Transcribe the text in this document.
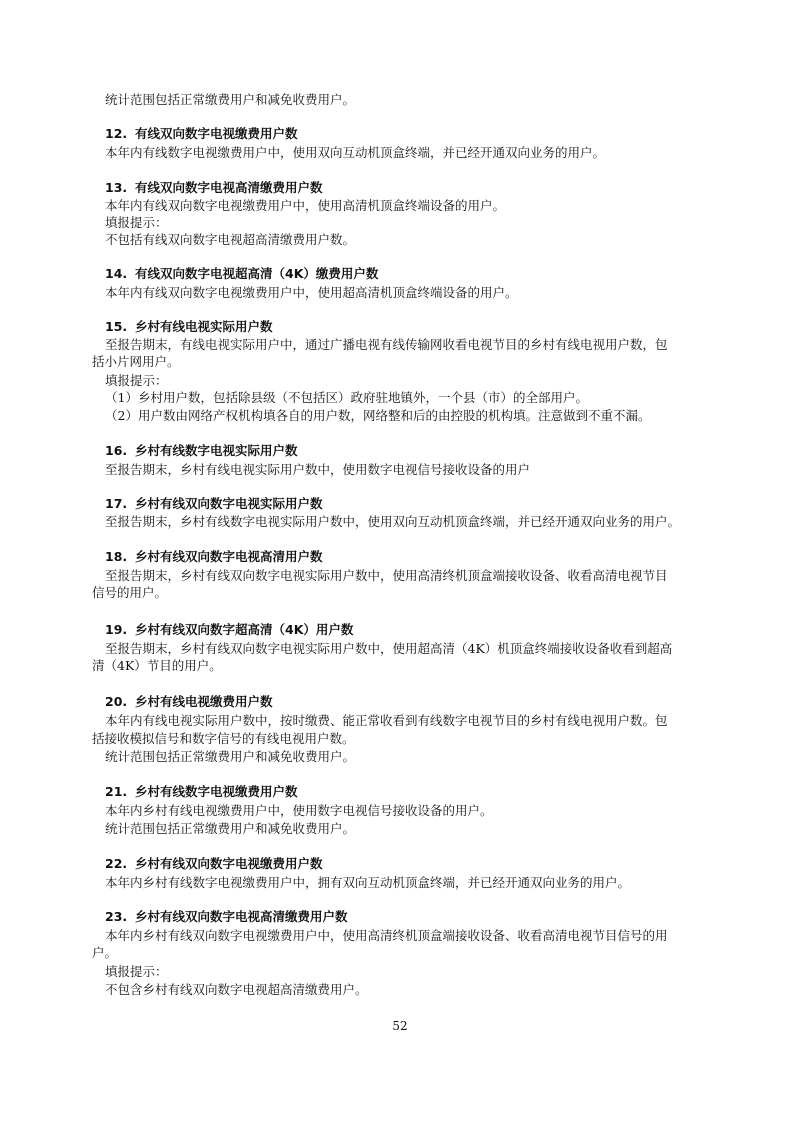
统计范围包括正常缴费用户和减免收费用户。
12. 有线双向数字电视缴费用户数
本年内有线数字电视缴费用户中，使用双向互动机顶盒终端，并已经开通双向业务的用户。
13. 有线双向数字电视高清缴费用户数
本年内有线双向数字电视缴费用户中，使用高清机顶盒终端设备的用户。
填报提示：
不包括有线双向数字电视超高清缴费用户数。
14. 有线双向数字电视超高清（4K）缴费用户数
本年内有线双向数字电视缴费用户中，使用超高清机顶盒终端设备的用户。
15. 乡村有线电视实际用户数
至报告期末，有线电视实际用户中，通过广播电视有线传输网收看电视节目的乡村有线电视用户数，包
括小片网用户。
填报提示：
（1）乡村用户数，包括除县级（不包括区）政府驻地镇外，一个县（市）的全部用户。
（2）用户数由网络产权机构填各自的用户数，网络整和后的由控股的机构填。注意做到不重不漏。
16. 乡村有线数字电视实际用户数
至报告期末，乡村有线电视实际用户数中，使用数字电视信号接收设备的用户
17. 乡村有线双向数字电视实际用户数
至报告期末，乡村有线数字电视实际用户数中，使用双向互动机顶盒终端，并已经开通双向业务的用户。
18. 乡村有线双向数字电视高清用户数
至报告期末，乡村有线双向数字电视实际用户数中，使用高清终机顶盒端接收设备、收看高清电视节目
信号的用户。
19. 乡村有线双向数字超高清（4K）用户数
至报告期末，乡村有线双向数字电视实际用户数中，使用超高清（4K）机顶盒终端接收设备收看到超高
清（4K）节目的用户。
20. 乡村有线电视缴费用户数
本年内有线电视实际用户数中，按时缴费、能正常收看到有线数字电视节目的乡村有线电视用户数。包
括接收模拟信号和数字信号的有线电视用户数。
统计范围包括正常缴费用户和减免收费用户。
21. 乡村有线数字电视缴费用户数
本年内乡村有线电视缴费用户中，使用数字电视信号接收设备的用户。
统计范围包括正常缴费用户和减免收费用户。
22. 乡村有线双向数字电视缴费用户数
本年内乡村有线数字电视缴费用户中，拥有双向互动机顶盒终端，并已经开通双向业务的用户。
23. 乡村有线双向数字电视高清缴费用户数
本年内乡村有线双向数字电视缴费用户中，使用高清终机顶盒端接收设备、收看高清电视节目信号的用
户。
填报提示：
不包含乡村有线双向数字电视超高清缴费用户。
52
